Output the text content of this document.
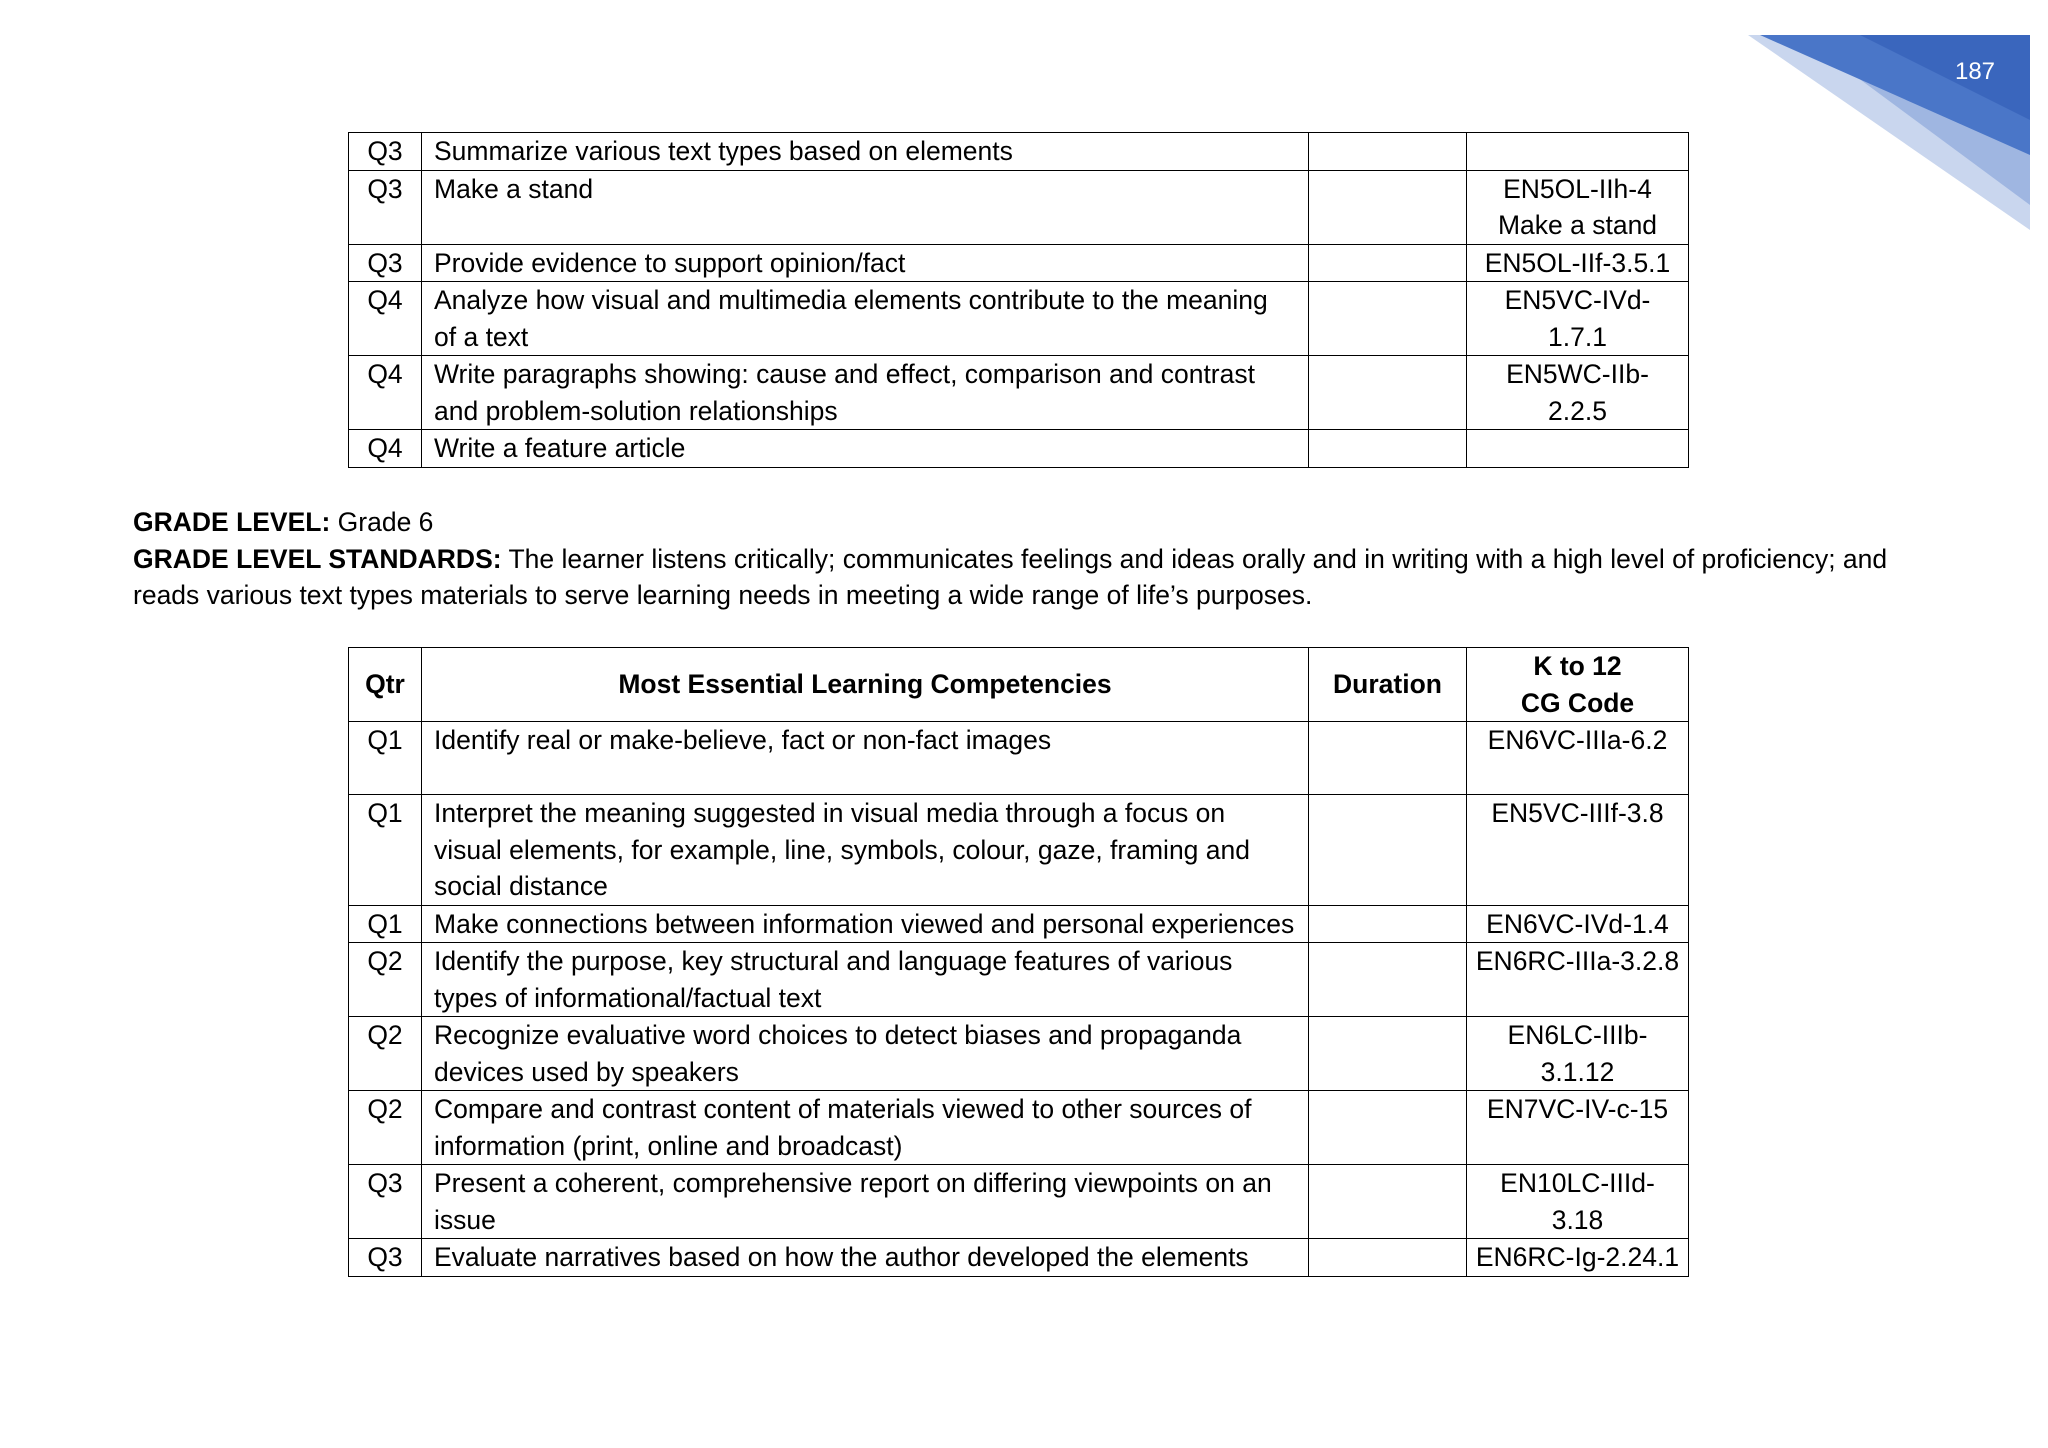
187
Q3	Summarize various text types based on elements		
Q3	Make a stand		EN5OL-IIh-4
Make a stand
Q3	Provide evidence to support opinion/fact		EN5OL-IIf-3.5.1
Q4	Analyze how visual and multimedia elements contribute to the meaning of a text		EN5VC-IVd-
1.7.1
Q4	Write paragraphs showing: cause and effect, comparison and contrast and problem-solution relationships		EN5WC-IIb-
2.2.5
Q4	Write a feature article		

GRADE LEVEL: Grade 6

GRADE LEVEL STANDARDS: The learner listens critically; communicates feelings and ideas orally and in writing with a high level of proficiency; and reads various text types materials to serve learning needs in meeting a wide range of life’s purposes.

Qtr	Most Essential Learning Competencies	Duration	K to 12
CG Code
Q1	Identify real or make-believe, fact or non-fact images		EN6VC-IIIa-6.2
Q1	Interpret the meaning suggested in visual media through a focus on visual elements, for example, line, symbols, colour, gaze, framing and social distance		EN5VC-IIIf-3.8
Q1	Make connections between information viewed and personal experiences		EN6VC-IVd-1.4
Q2	Identify the purpose, key structural and language features of various types of informational/factual text		EN6RC-IIIa-3.2.8
Q2	Recognize evaluative word choices to detect biases and propaganda devices used by speakers		EN6LC-IIIb-
3.1.12
Q2	Compare and contrast content of materials viewed to other sources of information (print, online and broadcast)		EN7VC-IV-c-15
Q3	Present a coherent, comprehensive report on differing viewpoints on an issue		EN10LC-IIId-
3.18
Q3	Evaluate narratives based on how the author developed the elements		EN6RC-Ig-2.24.1
